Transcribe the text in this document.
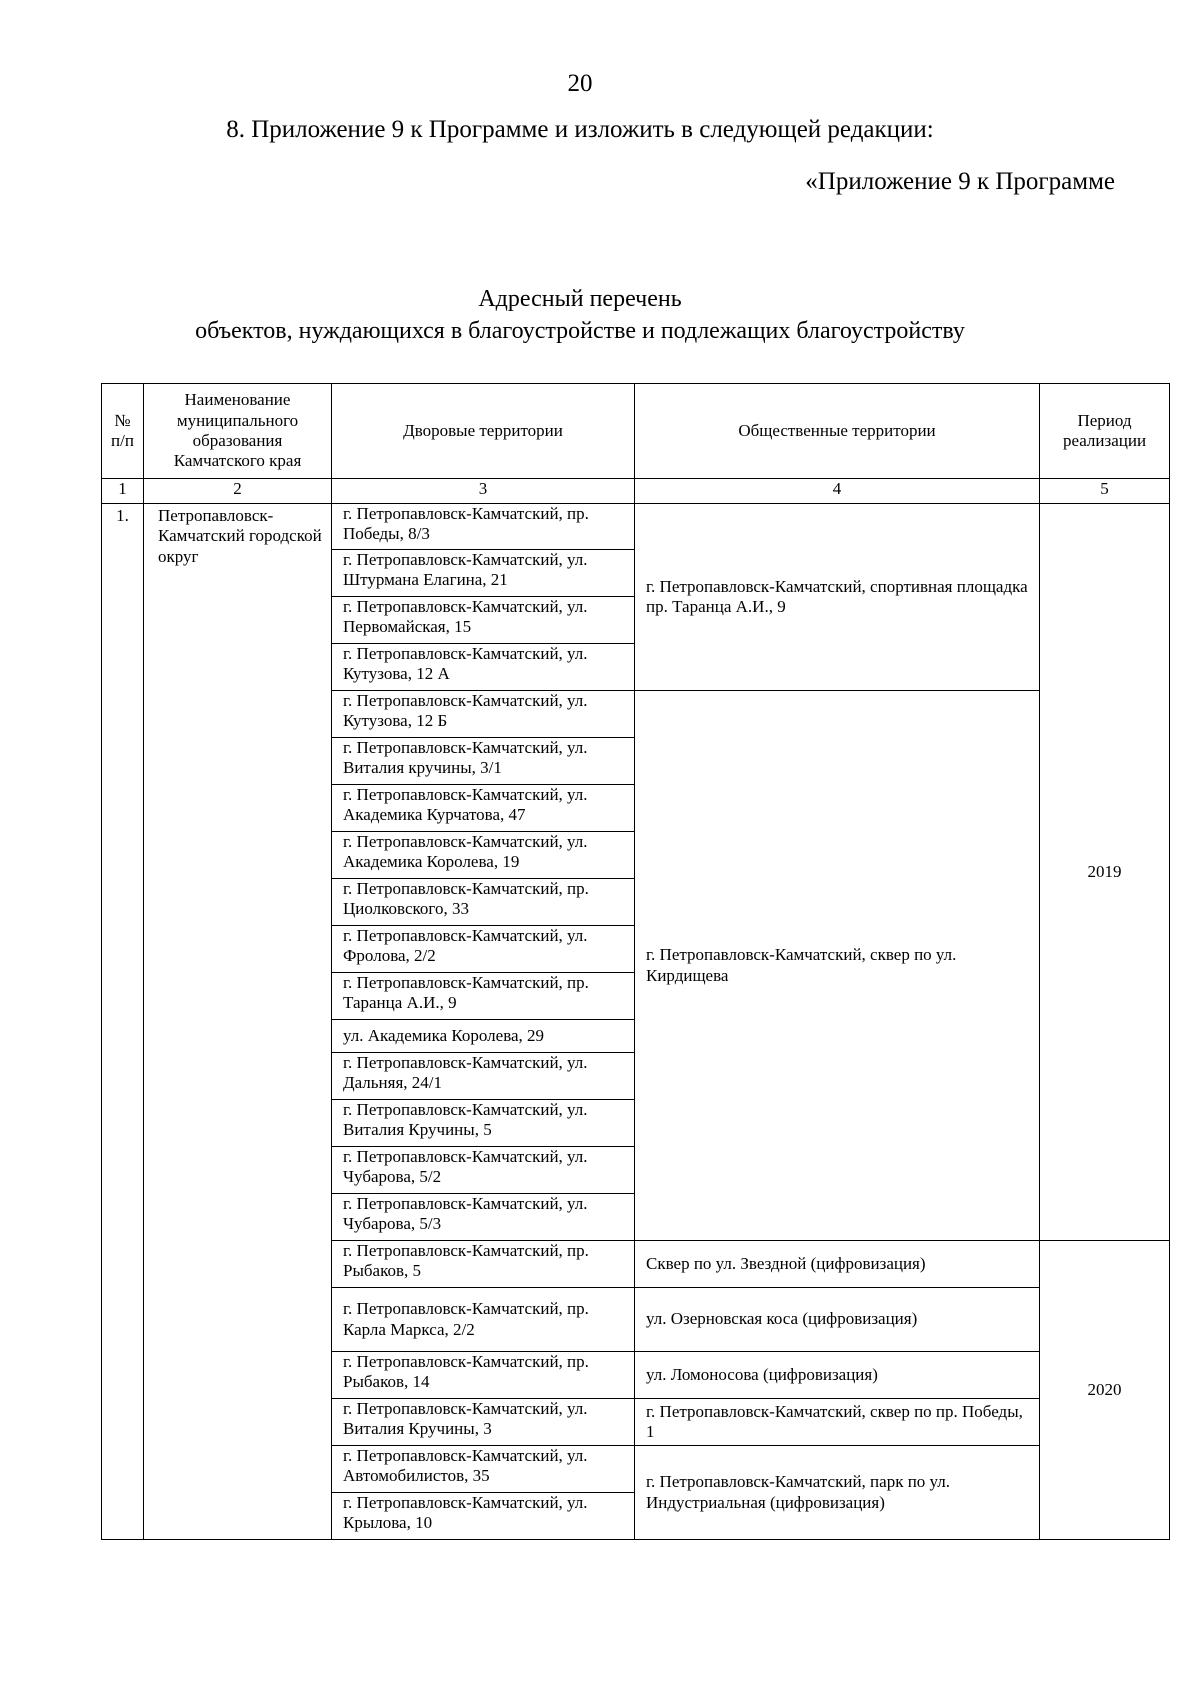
20
8. Приложение 9 к Программе и изложить в следующей редакции:
«Приложение 9 к Программе
Адресный перечень
объектов, нуждающихся в благоустройстве и подлежащих благоустройству
№ п/п	Наименование муниципального образования Камчатского края	Дворовые территории	Общественные территории	Период реализации
1	2	3	4	5
1.	Петропавловск-Камчатский городской округ	г. Петропавловск-Камчатский, пр. Победы, 8/3	г. Петропавловск-Камчатский, спортивная площадка пр. Таранца А.И., 9	2019
		г. Петропавловск-Камчатский, ул. Штурмана Елагина, 21		
		г. Петропавловск-Камчатский, ул. Первомайская, 15		
		г. Петропавловск-Камчатский, ул. Кутузова, 12 А		
		г. Петропавловск-Камчатский, ул. Кутузова, 12 Б	г. Петропавловск-Камчатский, сквер по ул. Кирдищева	
		г. Петропавловск-Камчатский, ул. Виталия кручины, 3/1		
		г. Петропавловск-Камчатский, ул. Академика Курчатова, 47		
		г. Петропавловск-Камчатский, ул. Академика Королева, 19		
		г. Петропавловск-Камчатский, пр. Циолковского, 33		
		г. Петропавловск-Камчатский, ул. Фролова, 2/2		
		г. Петропавловск-Камчатский, пр. Таранца А.И., 9		
		ул. Академика Королева, 29		
		г. Петропавловск-Камчатский, ул. Дальняя, 24/1		
		г. Петропавловск-Камчатский, ул. Виталия Кручины, 5		
		г. Петропавловск-Камчатский, ул. Чубарова, 5/2		
		г. Петропавловск-Камчатский, ул. Чубарова, 5/3		
		г. Петропавловск-Камчатский, пр. Рыбаков, 5	Сквер по ул. Звездной (цифровизация)	2020
		г. Петропавловск-Камчатский, пр. Карла Маркса, 2/2	ул. Озерновская коса (цифровизация)	
		г. Петропавловск-Камчатский, пр. Рыбаков, 14	ул. Ломоносова (цифровизация)	
		г. Петропавловск-Камчатский, ул. Виталия Кручины, 3	г. Петропавловск-Камчатский, сквер по пр. Победы, 1	
		г. Петропавловск-Камчатский, ул. Автомобилистов, 35	г. Петропавловск-Камчатский, парк по ул. Индустриальная (цифровизация)	
		г. Петропавловск-Камчатский, ул. Крылова, 10		
